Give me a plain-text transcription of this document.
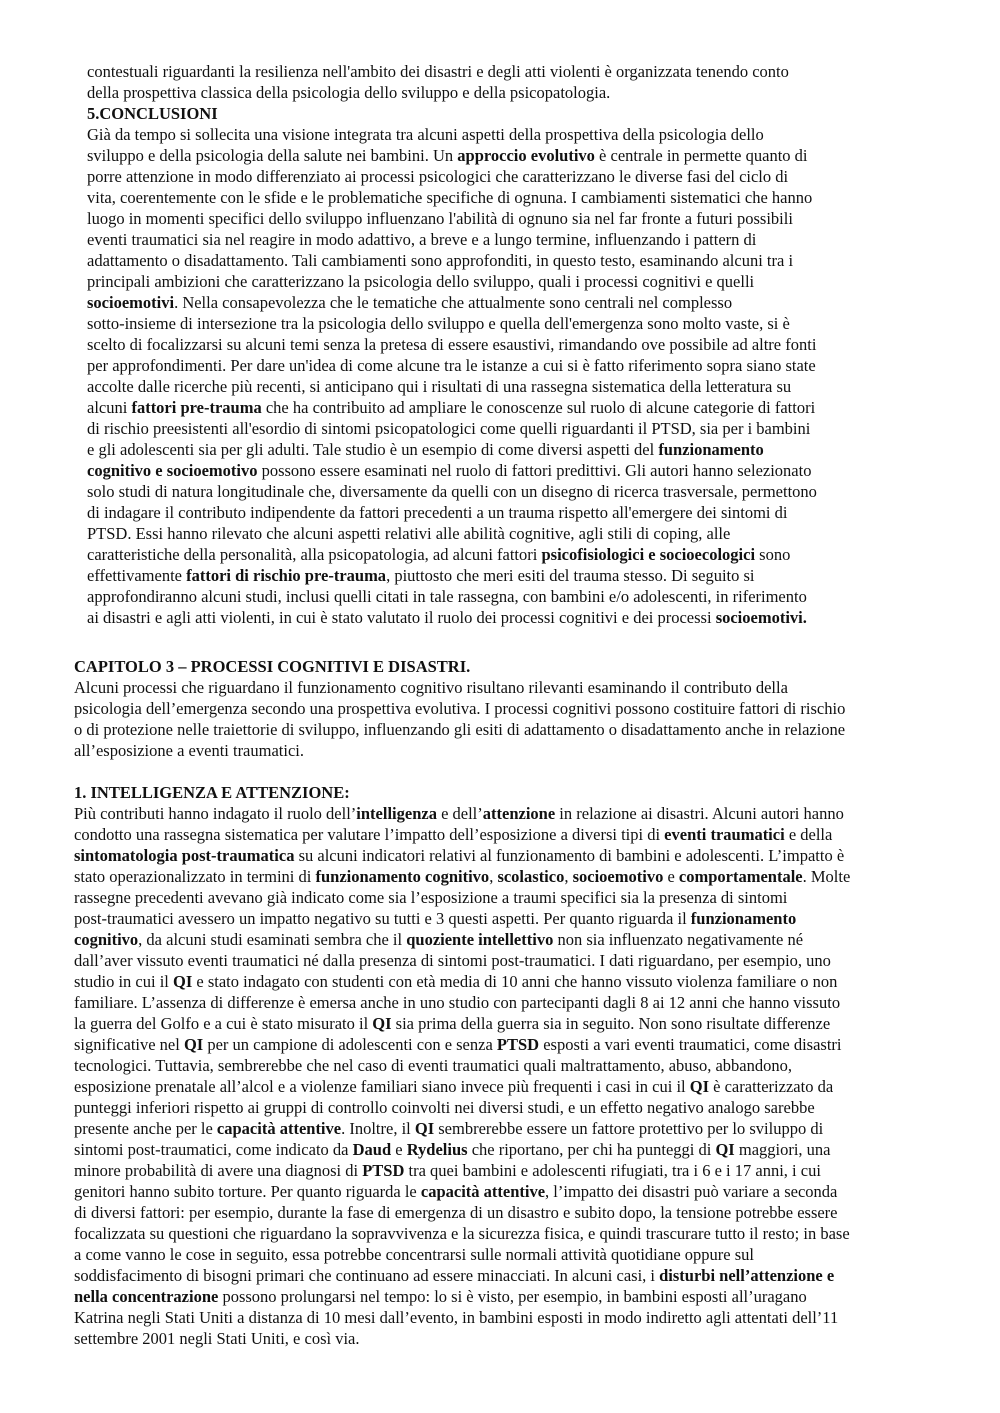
contestuali riguardanti la resilienza nell'ambito dei disastri e degli atti violenti è organizzata tenendo conto
della prospettiva classica della psicologia dello sviluppo e della psicopatologia.
5.CONCLUSIONI
Già da tempo si sollecita una visione integrata tra alcuni aspetti della prospettiva della psicologia dello
sviluppo e della psicologia della salute nei bambini. Un approccio evolutivo è centrale in permette quanto di
porre attenzione in modo differenziato ai processi psicologici che caratterizzano le diverse fasi del ciclo di
vita, coerentemente con le sfide e le problematiche specifiche di ognuna. I cambiamenti sistematici che hanno
luogo in momenti specifici dello sviluppo influenzano l'abilità di ognuno sia nel far fronte a futuri possibili
eventi traumatici sia nel reagire in modo adattivo, a breve e a lungo termine, influenzando i pattern di
adattamento o disadattamento. Tali cambiamenti sono approfonditi, in questo testo, esaminando alcuni tra i
principali ambizioni che caratterizzano la psicologia dello sviluppo, quali i processi cognitivi e quelli
socioemotivi. Nella consapevolezza che le tematiche che attualmente sono centrali nel complesso
sotto-insieme di intersezione tra la psicologia dello sviluppo e quella dell'emergenza sono molto vaste, si è
scelto di focalizzarsi su alcuni temi senza la pretesa di essere esaustivi, rimandando ove possibile ad altre fonti
per approfondimenti. Per dare un'idea di come alcune tra le istanze a cui si è fatto riferimento sopra siano state
accolte dalle ricerche più recenti, si anticipano qui i risultati di una rassegna sistematica della letteratura su
alcuni fattori pre-trauma che ha contribuito ad ampliare le conoscenze sul ruolo di alcune categorie di fattori
di rischio preesistenti all'esordio di sintomi psicopatologici come quelli riguardanti il PTSD, sia per i bambini
e gli adolescenti sia per gli adulti. Tale studio è un esempio di come diversi aspetti del funzionamento
cognitivo e socioemotivo possono essere esaminati nel ruolo di fattori predittivi. Gli autori hanno selezionato
solo studi di natura longitudinale che, diversamente da quelli con un disegno di ricerca trasversale, permettono
di indagare il contributo indipendente da fattori precedenti a un trauma rispetto all'emergere dei sintomi di
PTSD. Essi hanno rilevato che alcuni aspetti relativi alle abilità cognitive, agli stili di coping, alle
caratteristiche della personalità, alla psicopatologia, ad alcuni fattori psicofisiologici e socioecologici sono
effettivamente fattori di rischio pre-trauma, piuttosto che meri esiti del trauma stesso. Di seguito si
approfondiranno alcuni studi, inclusi quelli citati in tale rassegna, con bambini e/o adolescenti, in riferimento
ai disastri e agli atti violenti, in cui è stato valutato il ruolo dei processi cognitivi e dei processi socioemotivi.
CAPITOLO 3 – PROCESSI COGNITIVI E DISASTRI.
Alcuni processi che riguardano il funzionamento cognitivo risultano rilevanti esaminando il contributo della
psicologia dell’emergenza secondo una prospettiva evolutiva. I processi cognitivi possono costituire fattori di rischio
o di protezione nelle traiettorie di sviluppo, influenzando gli esiti di adattamento o disadattamento anche in relazione
all’esposizione a eventi traumatici.
1. INTELLIGENZA E ATTENZIONE:
Più contributi hanno indagato il ruolo dell’intelligenza e dell’attenzione in relazione ai disastri. Alcuni autori hanno
condotto una rassegna sistematica per valutare l’impatto dell’esposizione a diversi tipi di eventi traumatici e della
sintomatologia post-traumatica su alcuni indicatori relativi al funzionamento di bambini e adolescenti. L’impatto è
stato operazionalizzato in termini di funzionamento cognitivo, scolastico, socioemotivo e comportamentale. Molte
rassegne precedenti avevano già indicato come sia l’esposizione a traumi specifici sia la presenza di sintomi
post-traumatici avessero un impatto negativo su tutti e 3 questi aspetti. Per quanto riguarda il funzionamento
cognitivo, da alcuni studi esaminati sembra che il quoziente intellettivo non sia influenzato negativamente né
dall’aver vissuto eventi traumatici né dalla presenza di sintomi post-traumatici. I dati riguardano, per esempio, uno
studio in cui il QI e stato indagato con studenti con età media di 10 anni che hanno vissuto violenza familiare o non
familiare. L’assenza di differenze è emersa anche in uno studio con partecipanti dagli 8 ai 12 anni che hanno vissuto
la guerra del Golfo e a cui è stato misurato il QI sia prima della guerra sia in seguito. Non sono risultate differenze
significative nel QI per un campione di adolescenti con e senza PTSD esposti a vari eventi traumatici, come disastri
tecnologici. Tuttavia, sembrerebbe che nel caso di eventi traumatici quali maltrattamento, abuso, abbandono,
esposizione prenatale all’alcol e a violenze familiari siano invece più frequenti i casi in cui il QI è caratterizzato da
punteggi inferiori rispetto ai gruppi di controllo coinvolti nei diversi studi, e un effetto negativo analogo sarebbe
presente anche per le capacità attentive. Inoltre, il QI sembrerebbe essere un fattore protettivo per lo sviluppo di
sintomi post-traumatici, come indicato da Daud e Rydelius che riportano, per chi ha punteggi di QI maggiori, una
minore probabilità di avere una diagnosi di PTSD tra quei bambini e adolescenti rifugiati, tra i 6 e i 17 anni, i cui
genitori hanno subito torture. Per quanto riguarda le capacità attentive, l’impatto dei disastri può variare a seconda
di diversi fattori: per esempio, durante la fase di emergenza di un disastro e subito dopo, la tensione potrebbe essere
focalizzata su questioni che riguardano la sopravvivenza e la sicurezza fisica, e quindi trascurare tutto il resto; in base
a come vanno le cose in seguito, essa potrebbe concentrarsi sulle normali attività quotidiane oppure sul
soddisfacimento di bisogni primari che continuano ad essere minacciati. In alcuni casi, i disturbi nell’attenzione e
nella concentrazione possono prolungarsi nel tempo: lo si è visto, per esempio, in bambini esposti all’uragano
Katrina negli Stati Uniti a distanza di 10 mesi dall’evento, in bambini esposti in modo indiretto agli attentati dell’11
settembre 2001 negli Stati Uniti, e così via.
